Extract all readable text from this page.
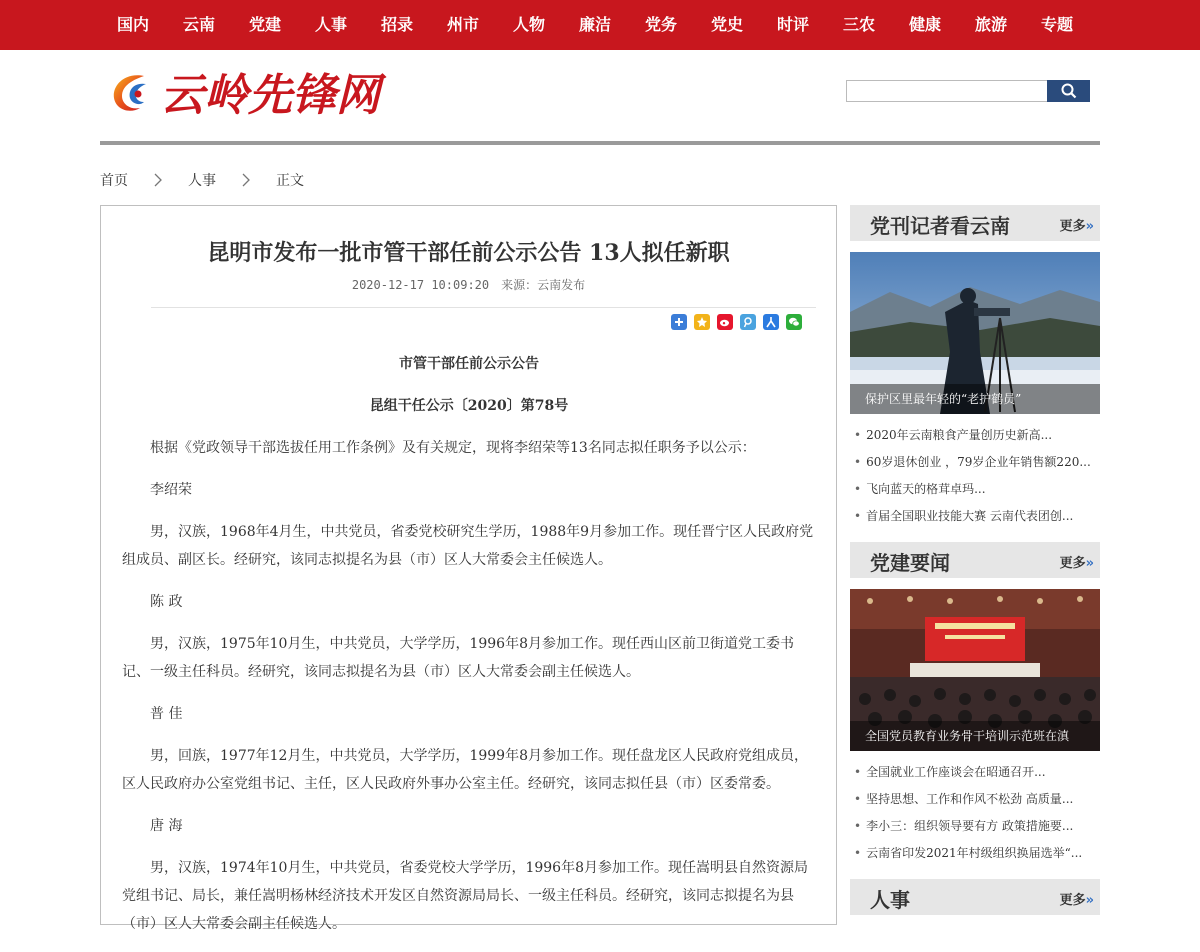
国内	云南	党建	人事	招录	州市	人物	廉洁	党务	党史	时评	三农	健康	旅游	专题
云岭先锋网
首页	人事	正文
昆明市发布一批市管干部任前公示公告 13人拟任新职
2020-12-17 10:09:20 来源：云南发布

市管干部任前公示公告

昆组干任公示〔2020〕第78号

根据《党政领导干部选拔任用工作条例》及有关规定，现将李绍荣等13名同志拟任职务予以公示：

李绍荣

男，汉族，1968年4月生，中共党员，省委党校研究生学历，1988年9月参加工作。现任晋宁区人民政府党组成员、副区长。经研究，该同志拟提名为县（市）区人大常委会主任候选人。

陈 政

男，汉族，1975年10月生，中共党员，大学学历，1996年8月参加工作。现任西山区前卫街道党工委书记、一级主任科员。经研究，该同志拟提名为县（市）区人大常委会副主任候选人。

普 佳

男，回族，1977年12月生，中共党员，大学学历，1999年8月参加工作。现任盘龙区人民政府党组成员，区人民政府办公室党组书记、主任，区人民政府外事办公室主任。经研究，该同志拟任县（市）区委常委。

唐 海

男，汉族，1974年10月生，中共党员，省委党校大学学历，1996年8月参加工作。现任嵩明县自然资源局党组书记、局长，兼任嵩明杨林经济技术开发区自然资源局局长、一级主任科员。经研究，该同志拟提名为县（市）区人大常委会副主任候选人。

党刊记者看云南	更多»
保护区里最年轻的“老护鹤员”
• 2020年云南粮食产量创历史新高...
• 60岁退休创业 ，79岁企业年销售额220...
• 飞向蓝天的格茸卓玛...
• 首届全国职业技能大赛 云南代表团创...
党建要闻	更多»
全国党员教育业务骨干培训示范班在滇
• 全国就业工作座谈会在昭通召开...
• 坚持思想、工作和作风不松劲 高质量...
• 李小三：组织领导要有方 政策措施要...
• 云南省印发2021年村级组织换届选举“...
人事	更多»
